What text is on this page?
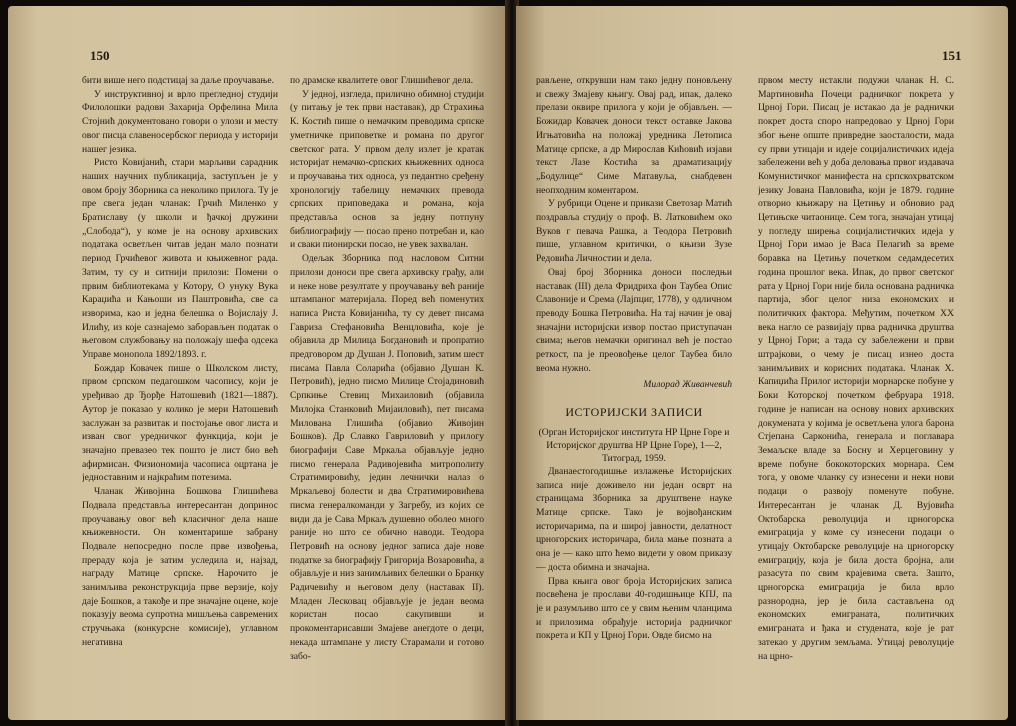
150

бити више него подстицај за даље проучавање.

У инструктивној и врло прегледној студији Филолошки радови Захарија Орфелина Мила Стојнић документовано говори о улози и месту овог писца славеносербског периода у историји нашег језика.

Ристо Ковијанић, стари марљиви сарадник наших научних публикација, заступљен је у овом броју Зборника са неколико прилога. Ту је пре свега један чланак: Грчић Миленко у Братиславу (у школи и ђачкој дружини „Слобода“), у коме је на основу архивских података осветљен читав један мало познати период Грчићевог живота и књижевног рада. Затим, ту су и ситнији прилози: Помени о првим библиотекама у Котору, О унуку Вука Караџића и Кањоши из Паштровића, све са изворима, као и једна белешка о Војислају Ј. Илићу, из које сазнајемо заборављен податак о његовом службовању на положају шефа одсека Управе монопола 1892/1893. г.

Бождар Ковачек пише о Школском листу, првом српском педагошком часопису, који је уређивао др Ђорђе Натошевић (1821—1887). Аутор је показао у колико је мери Натошевић заслужан за развитак и постојање овог листа и изван свог уредничког функција, који је значајно превазео тек пошто је лист био већ афирмисан. Физиономија часописа оцртана је једноставним и најкраћим потезима.

Чланак Живојина Бошкова Глишићева Подвала представља интересантан допринос проучавању овог већ класичног дела наше књижевности. Он коментарише забрану Подвале непосредно после прве извођења, прераду која је затим уследила и, најзад, награду Матице српске. Нарочито је занимљива реконструкција прве верзије, коју даје Бошков, а такође и пре значајне оцене, које показују веома супротна мишљења савремених стручњака (конкурсне комисије), углавном негативна

по драмске квалитете овог Глишићевог дела.

У једној, изгледа, прилично обимној студији (у питању је тек први наставак), др Страхиња К. Костић пише о немачким преводима српске уметничке приповетке и романа по другог светског рата. У првом делу излет је кратак историјат немачко-српских књижевних односа и проучавања тих односа, уз педантно сређену хронологију табелицу немачких превода српских приповедака и романа, која представља основ за једну потпуну библиографију — посао прено потребан и, као и сваки пионирски посао, не увек захвалан.

Одељак Зборника под насловом Ситни прилози доноси пре свега архивску грађу, али и неке нове резултате у проучавању већ раније штампаног материјала. Поред већ поменутих написа Риста Ковијанића, ту су девет писама Гавриза Стефановића Венцловића, које је објавила др Милица Богдановић и пропратио предговором др Душан Ј. Поповић, затим шест писама Павла Соларића (објавио Душан К. Петровић), једно писмо Милице Стојадиновић Српкиње Стевиц Михаиловић (објавила Милојка Станковић Мијаиловић), пет писама Милована Глишића (објавио Живојин Бошков). Др Славко Гавриловић у прилогу биографији Саве Мркаља објављује једно писмо генерала Радивојевића митрополиту Стратимировићу, једин лечнички налаз о Мркаљевој болести и два Стратимировићева писма генералкоманди у Загребу, из којих се види да је Сава Мркаљ душевно оболео много раније но што се обично наводи. Теодора Петровић на основу једног записа даје нове податке за биографију Григорија Возаровића, а објављује и низ занимљивих белешки о Бранку Радичевићу и његовом делу (наставак II). Младен Лесковац објављује је један веома користан посао сакупивши и прокоментарисавши Змајеве анегдоте о деци, некада штампане у листу Старамали и готово забо-

151

рављене, открувши нам тако једну поновљену и свежу Змајеву књигу. Овај рад, ипак, далеко прелази оквире прилога у који је објављен. — Божидар Ковачек доноси текст оставке Јакова Игњатовића на положај уредника Летописа Матице српске, а др Мирослав Кићовић изјави текст Лазе Костића за драматизацију „Бодулице“ Симе Матавуља, снабдевен неопходним коментаром.

У рубрици Оцене и прикази Светозар Матић поздравља студију о проф. В. Латковићем око Вуков г певача Рашка, а Теодора Петровић пише, углавном критички, о књизи Зузе Редовића Личностии и дела.

Овај број Зборника доноси последњи наставак (III) дела Фридриха фон Таубеа Опис Славоније и Срема (Лајпциг, 1778), у одличном преводу Бошка Петровића. На тај начин је овај значајни историјски извор постао приступачан свима; његов немачки оригинал већ је постао реткост, па је преовођење целог Таубеа било веома нужно.

Милорад Живанчевић
ИСТОРИЈСКИ ЗАПИСИ

(Орган Историјског института НР Црне Горе и Историјског друштва НР Црне Горе), 1—2, Титоград, 1959.

Дванаестогодишње излажење Историјских записа није доживело ни један осврт на страницама Зборника за друштвене науке Матице српске. Тако је војвођанским историчарима, па и широј јавности, делатност црногорских историчара, била мање позната а она је — како што ћемо видети у овом приказу — доста обимна и значајна.

Прва књига овог броја Историјских записа посвећена је прослави 40-годишњице КПЈ, па је и разумљиво што се у свим њеним чланцима и прилозима обрађује историја радничког покрета и КП у Црној Гори. Овде бисмо на

првом месту истакли подужи чланак Н. С. Мартиновића Почеци радничког покрета у Црној Гори. Писац је истакао да је раднички покрет доста споро напредовао у Црној Гори због њене општe привредне заосталости, мада су први утицаји и идеје социјалистичких идеја забележени већ у доба деловања првог издавача Комунистичког манифеста на српскохрватском језику Јована Павловића, који је 1879. године отворио књижару на Цетињу и обновио рад Цетињске читаонице. Сем тога, значајан утицај у погледу ширења социјалистичких идеја у Црној Гори имао је Васа Пелагић за време боравка на Цетињу почетком седамдесетих година прошлог века. Ипак, до првог светског рата у Црној Гори није била основана радничка партија, због целог низа економских и политичких фактора. Међутим, почетком XX века нагло се развијају прва радничка друштва у Црној Гори; а тада су забележени и први штрајкови, о чему је писац изнео доста занимљивих и корисних података. Чланак Х. Капиџића Прилог историји морнарске побуне у Боки Которској почетком фебруара 1918. године је написан на основу нових архивских докумената у којима је осветљена улога барона Стјепана Сарконића, генерала и поглавара Земаљске владе за Босну и Херцеговину у време побуне бококоторских морнара. Сем тога, у овоме чланку су изнесени и неки нови подаци о развоју поменуте побуне. Интересантан је чланак Д. Вујовића Октобарска револуција и црногорска емиграција у коме су изнесени подаци о утицају Октобарске револуције на црногорску емиграцију, која је била доста бројна, али разасута по свим крајевима света. Зашто, црногорска емиграција је била врло разнородна, јер је била састављена од економских емиграната, политичких емиграната и ђака и студената, које је рат затекао у другим земљама. Утицај револуције на црно-
